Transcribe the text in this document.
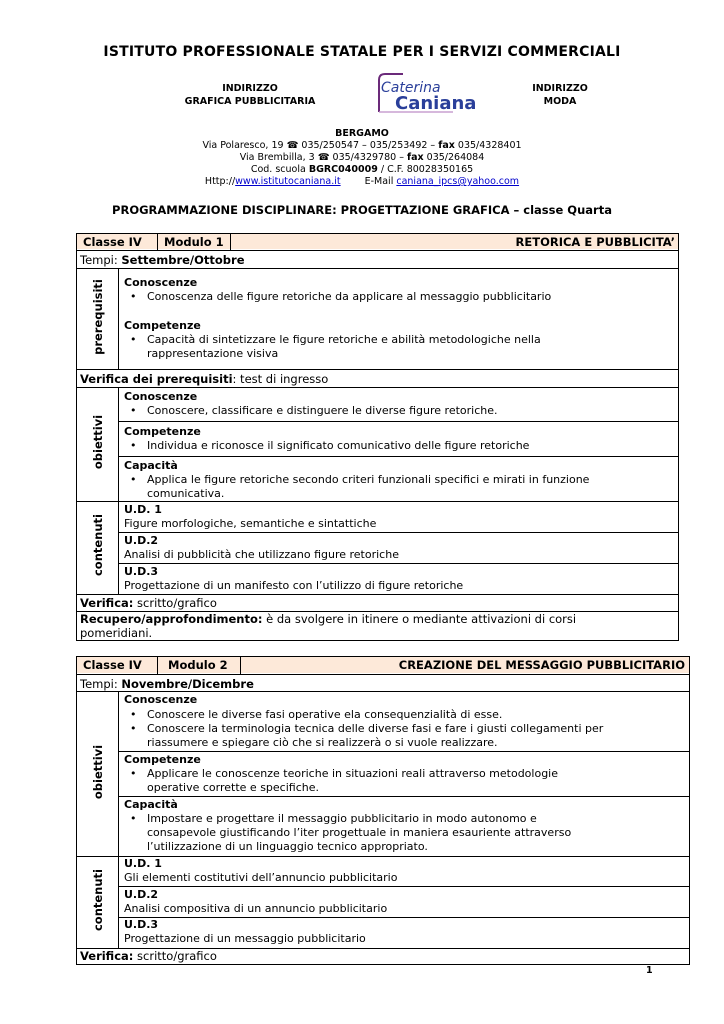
ISTITUTO PROFESSIONALE STATALE PER I SERVIZI COMMERCIALI
INDIRIZZO
GRAFICA PUBBLICITARIA
Caterina
Caniana
INDIRIZZO
MODA
BERGAMO
Via Polaresco, 19 ☎ 035/250547 – 035/253492 – fax 035/4328401
Via Brembilla, 3 ☎ 035/4329780 – fax 035/264084
Cod. scuola BGRC040009 / C.F. 80028350165
Http://www.istitutocaniana.it	E-Mail caniana_ipcs@yahoo.com
PROGRAMMAZIONE DISCIPLINARE: PROGETTAZIONE GRAFICA – classe Quarta
Classe IV Modulo 1	RETORICA E PUBBLICITA’
Tempi: Settembre/Ottobre
prerequisiti Conoscenze
• Conoscenza delle figure retoriche da applicare al messaggio pubblicitario
Competenze
• Capacità di sintetizzare le figure retoriche e abilità metodologiche nella
rappresentazione visiva
Verifica dei prerequisiti: test di ingresso
obiettivi
Conoscenze
• Conoscere, classificare e distinguere le diverse figure retoriche.
Competenze
• Individua e riconosce il significato comunicativo delle figure retoriche
Capacità
• Applica le figure retoriche secondo criteri funzionali specifici e mirati in funzione
comunicativa.
contenuti
U.D. 1
Figure morfologiche, semantiche e sintattiche
U.D.2
Analisi di pubblicità che utilizzano figure retoriche
U.D.3
Progettazione di un manifesto con l’utilizzo di figure retoriche
Verifica: scritto/grafico
Recupero/approfondimento: è da svolgere in itinere o mediante attivazioni di corsi
pomeridiani.
Classe IV Modulo 2	CREAZIONE DEL MESSAGGIO PUBBLICITARIO
Tempi: Novembre/Dicembre
obiettivi
Conoscenze
• Conoscere le diverse fasi operative ela consequenzialità di esse.
• Conoscere la terminologia tecnica delle diverse fasi e fare i giusti collegamenti per
riassumere e spiegare ciò che si realizzerà o si vuole realizzare.
Competenze
• Applicare le conoscenze teoriche in situazioni reali attraverso metodologie
operative corrette e specifiche.
Capacità
• Impostare e progettare il messaggio pubblicitario in modo autonomo e
consapevole giustificando l’iter progettuale in maniera esauriente attraverso
l’utilizzazione di un linguaggio tecnico appropriato.
contenuti
U.D. 1
Gli elementi costitutivi dell’annuncio pubblicitario
U.D.2
Analisi compositiva di un annuncio pubblicitario
U.D.3
Progettazione di un messaggio pubblicitario
Verifica: scritto/grafico
1
